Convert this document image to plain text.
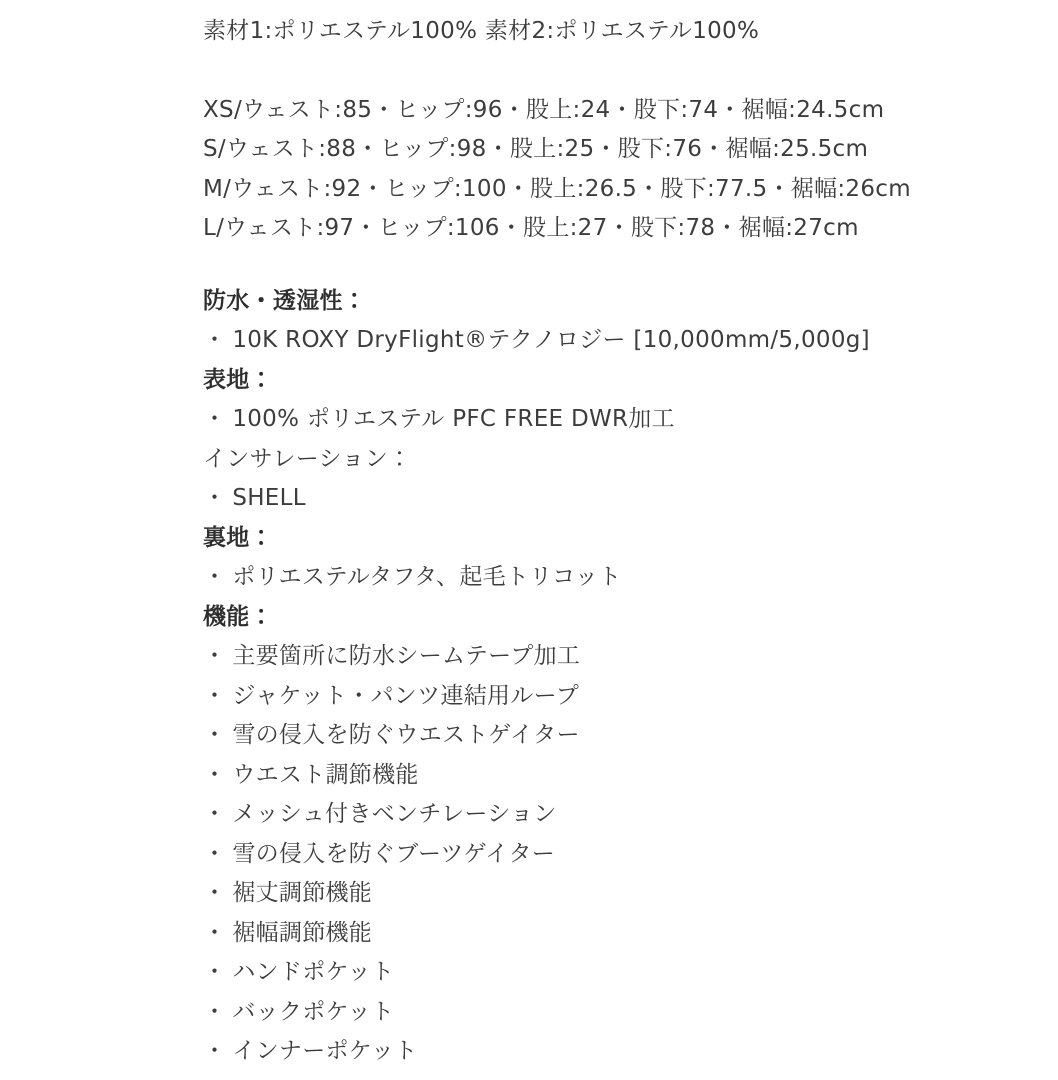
素材1:ポリエステル100% 素材2:ポリエステル100%
XS/ウェスト:85・ヒップ:96・股上:24・股下:74・裾幅:24.5cm
S/ウェスト:88・ヒップ:98・股上:25・股下:76・裾幅:25.5cm
M/ウェスト:92・ヒップ:100・股上:26.5・股下:77.5・裾幅:26cm
L/ウェスト:97・ヒップ:106・股上:27・股下:78・裾幅:27cm
防水・透湿性：
・ 10K ROXY DryFlight®テクノロジー [10,000mm/5,000g]
表地：
・ 100% ポリエステル PFC FREE DWR加工
インサレーション：
・ SHELL
裏地：
・ ポリエステルタフタ、起毛トリコット
機能：
・ 主要箇所に防水シームテープ加工
・ ジャケット・パンツ連結用ループ
・ 雪の侵入を防ぐウエストゲイター
・ ウエスト調節機能
・ メッシュ付きベンチレーション
・ 雪の侵入を防ぐブーツゲイター
・ 裾丈調節機能
・ 裾幅調節機能
・ ハンドポケット
・ バックポケット
・ インナーポケット
